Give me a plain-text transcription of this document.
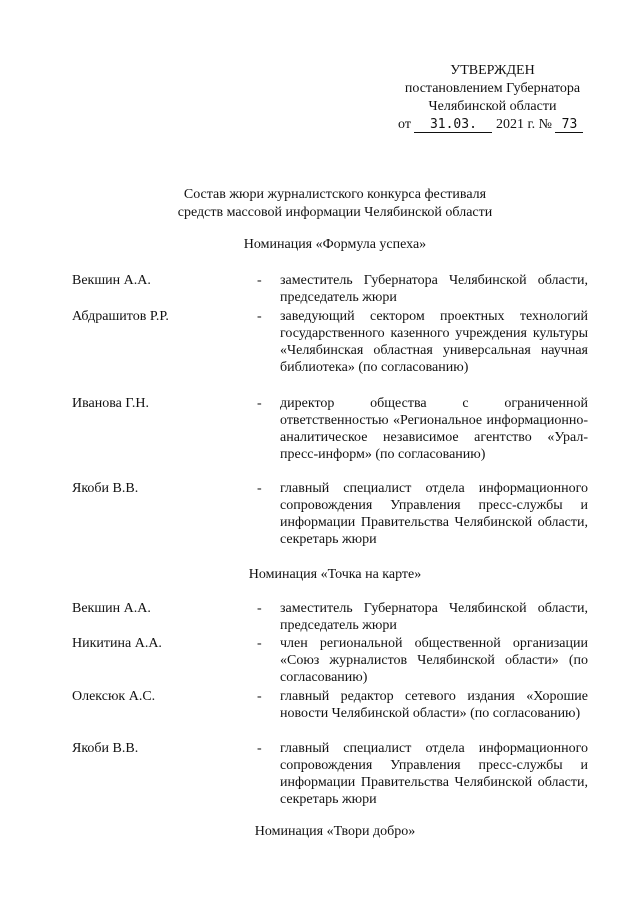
УТВЕРЖДЕН
постановлением Губернатора
Челябинской области
от 31.03. 2021 г. № 73
Состав жюри журналистского конкурса фестиваля
средств массовой информации Челябинской области
Номинация «Формула успеха»
Векшин А.А.	- заместитель Губернатора Челябинской области, председатель жюри
Абдрашитов Р.Р.	- заведующий сектором проектных технологий государственного казенного учреждения культуры «Челябинская областная универсальная научная библиотека» (по согласованию)
Иванова Г.Н.	- директор общества с ограниченной ответственностью «Региональное информационно-аналитическое независимое агентство «Урал-пресс-информ» (по согласованию)
Якоби В.В.	- главный специалист отдела информационного сопровождения Управления пресс-службы и информации Правительства Челябинской области, секретарь жюри
Номинация «Точка на карте»
Векшин А.А.	- заместитель Губернатора Челябинской области, председатель жюри
Никитина А.А.	- член региональной общественной организации «Союз журналистов Челябинской области» (по согласованию)
Олексюк А.С.	- главный редактор сетевого издания «Хорошие новости Челябинской области» (по согласованию)
Якоби В.В.	- главный специалист отдела информационного сопровождения Управления пресс-службы и информации Правительства Челябинской области, секретарь жюри
Номинация «Твори добро»
